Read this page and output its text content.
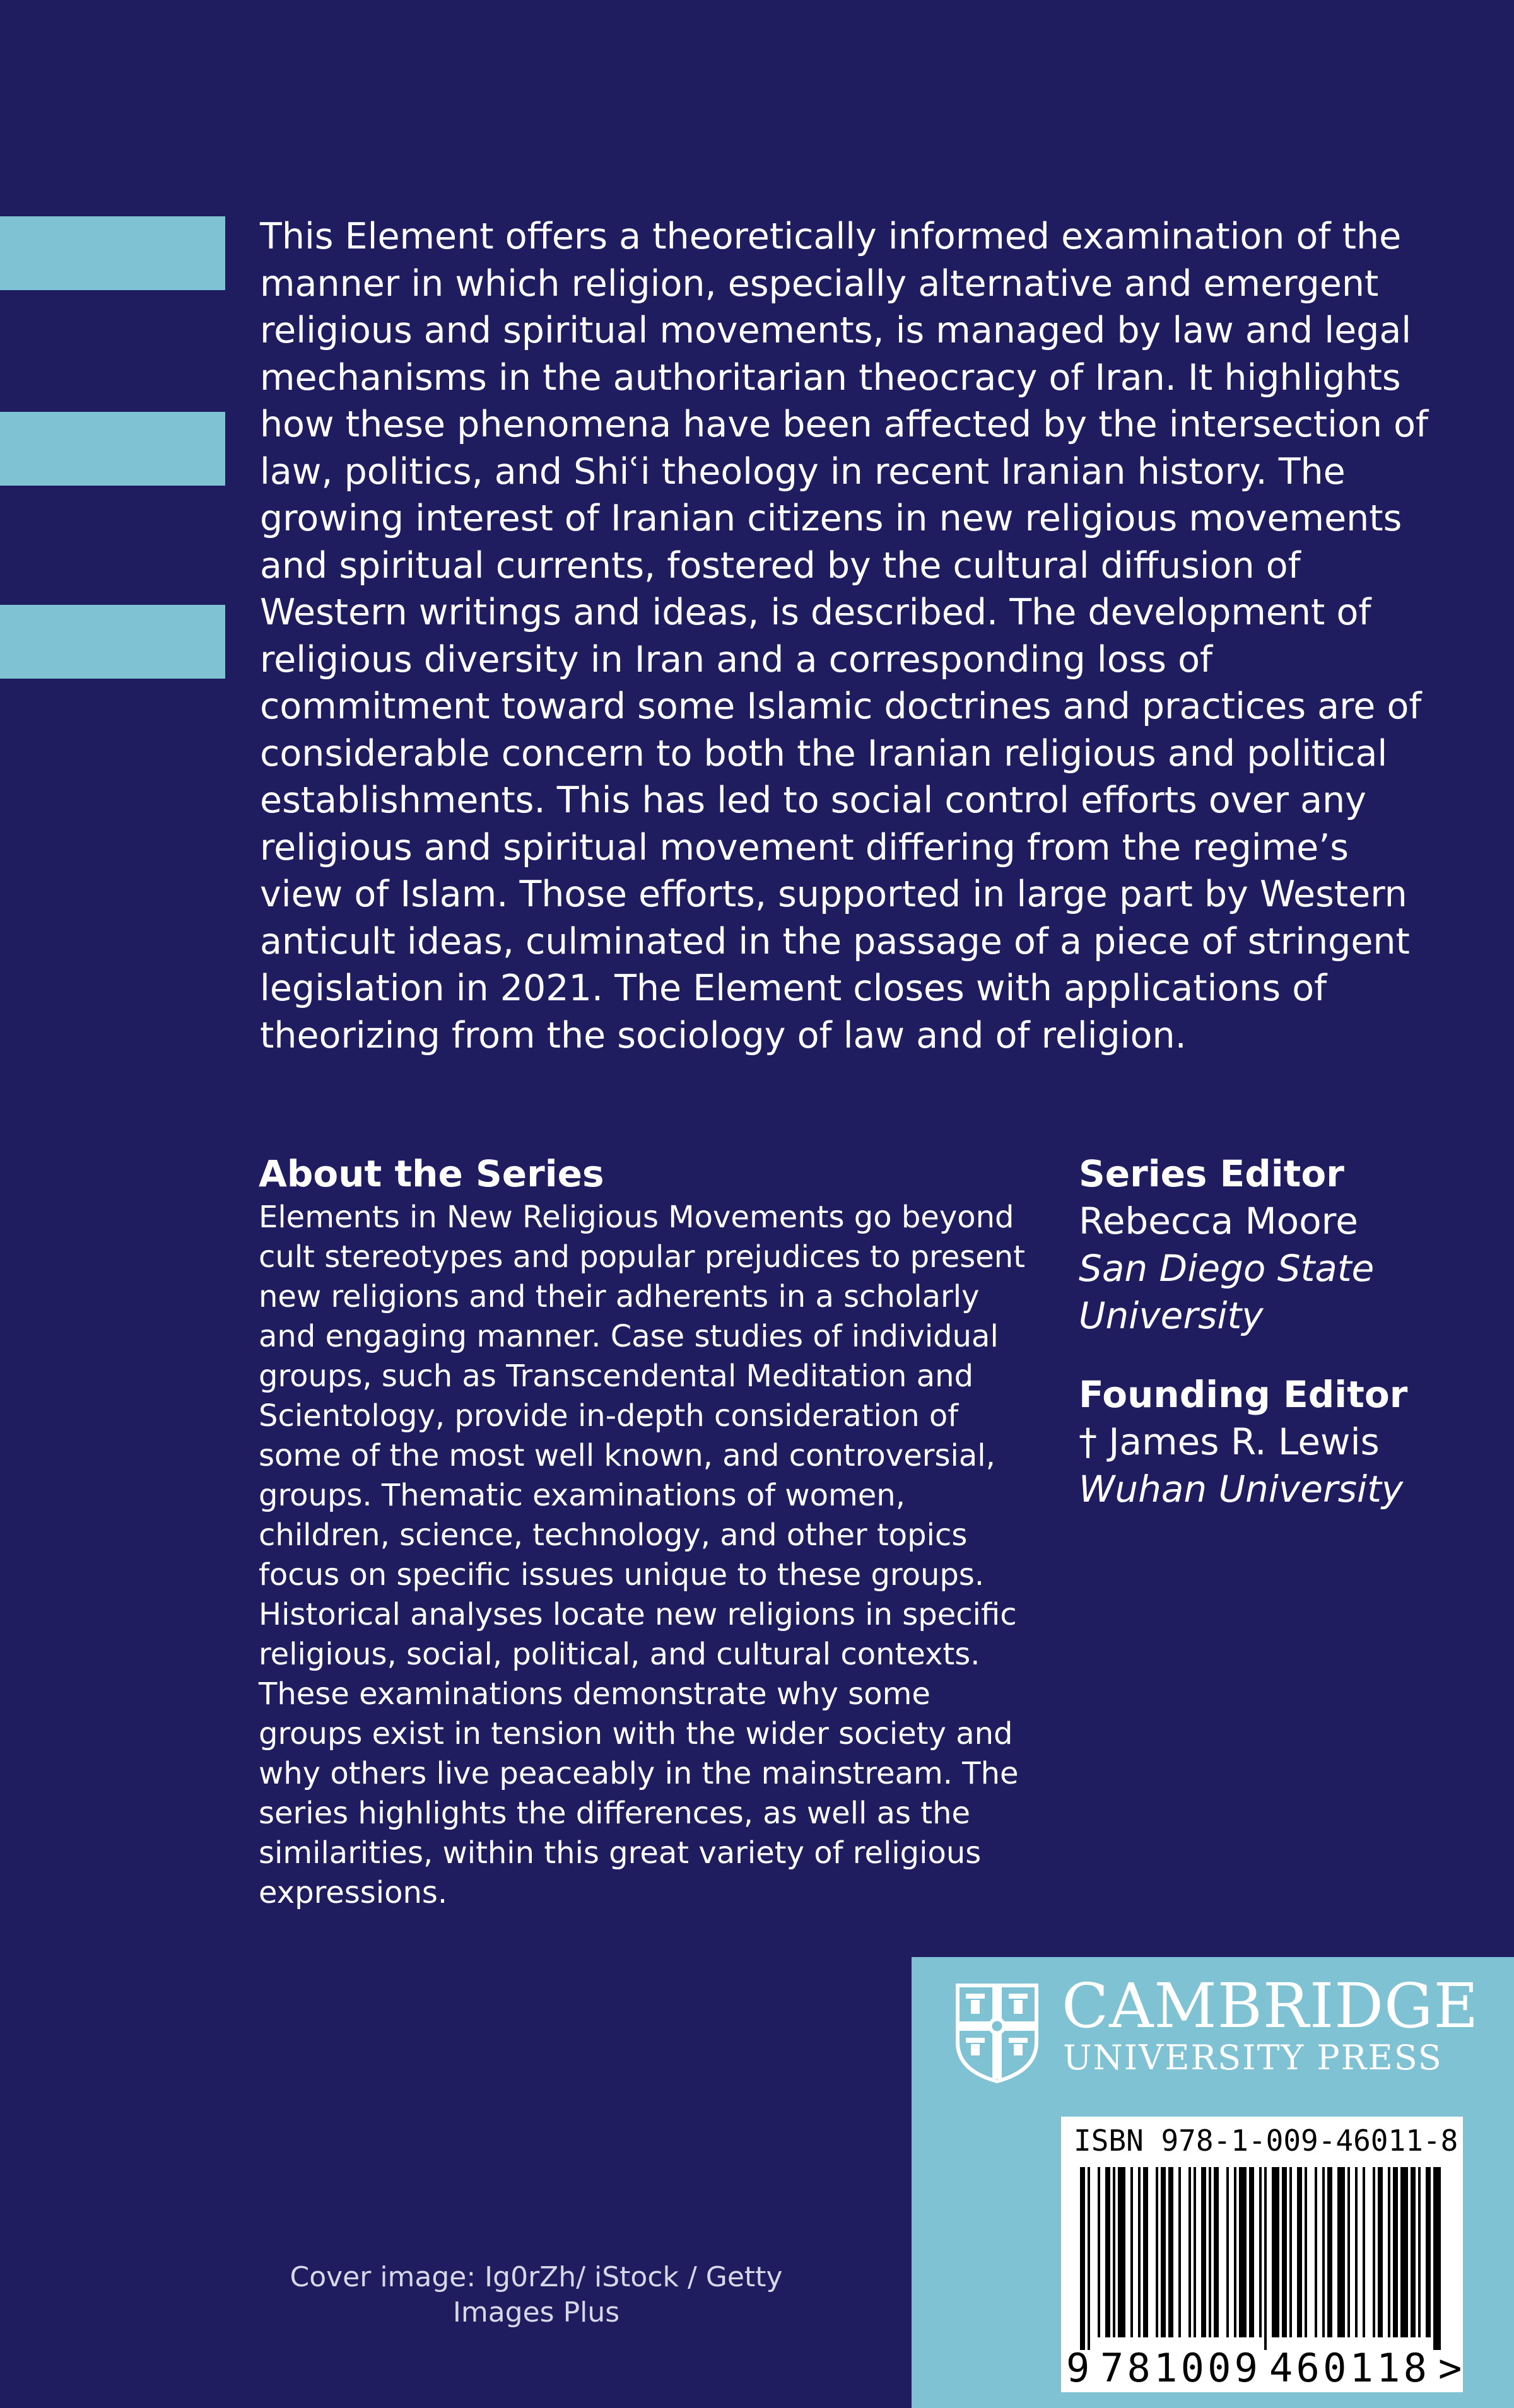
This Element offers a theoretically informed examination of the manner in which religion, especially alternative and emergent religious and spiritual movements, is managed by law and legal mechanisms in the authoritarian theocracy of Iran. It highlights how these phenomena have been affected by the intersection of law, politics, and Shiʿi theology in recent Iranian history. The growing interest of Iranian citizens in new religious movements and spiritual currents, fostered by the cultural diffusion of Western writings and ideas, is described. The development of religious diversity in Iran and a corresponding loss of commitment toward some Islamic doctrines and practices are of considerable concern to both the Iranian religious and political establishments. This has led to social control efforts over any religious and spiritual movement differing from the regime’s view of Islam. Those efforts, supported in large part by Western anticult ideas, culminated in the passage of a piece of stringent legislation in 2021. The Element closes with applications of theorizing from the sociology of law and of religion.

About the Series

Elements in New Religious Movements go beyond cult stereotypes and popular prejudices to present new religions and their adherents in a scholarly and engaging manner. Case studies of individual groups, such as Transcendental Meditation and Scientology, provide in-depth consideration of some of the most well known, and controversial, groups. Thematic examinations of women, children, science, technology, and other topics focus on specific issues unique to these groups. Historical analyses locate new religions in specific religious, social, political, and cultural contexts. These examinations demonstrate why some groups exist in tension with the wider society and why others live peaceably in the mainstream. The series highlights the differences, as well as the similarities, within this great variety of religious expressions.

Series Editor
Rebecca Moore
San Diego State University
Founding Editor
† James R. Lewis
Wuhan University
Cover image: Ig0rZh/ iStock / Getty
Images Plus
CAMBRIDGE
UNIVERSITY PRESS
ISBN 978-1-009-46011-8
9 781009 460118 >
